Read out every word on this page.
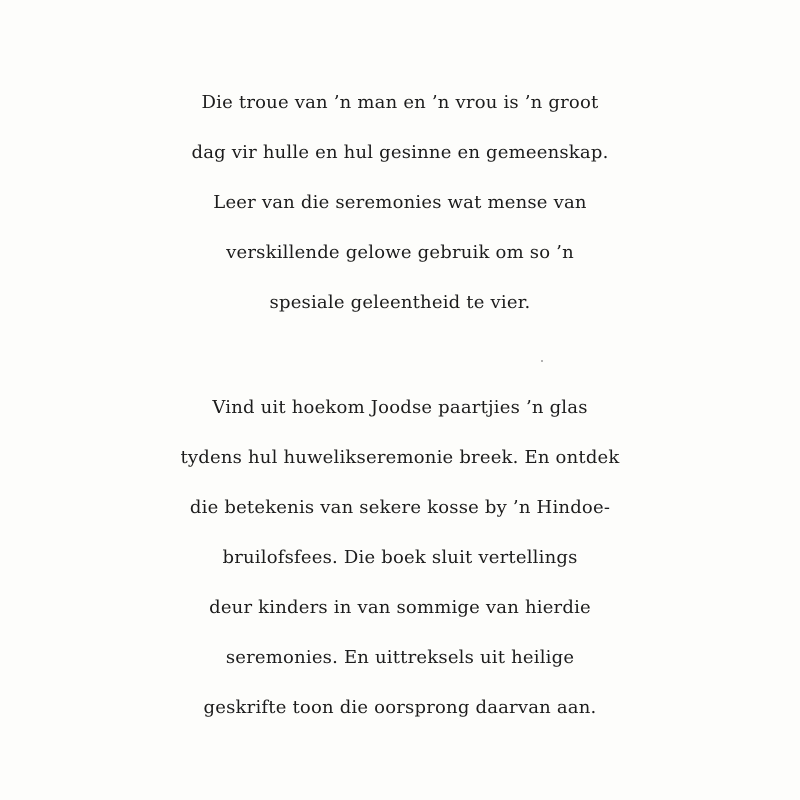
Die troue van ’n man en ’n vrou is ’n groot
dag vir hulle en hul gesinne en gemeenskap.
Leer van die seremonies wat mense van
verskillende gelowe gebruik om so ’n
spesiale geleentheid te vier.

Vind uit hoekom Joodse paartjies ’n glas
tydens hul huwelikseremonie breek. En ontdek
die betekenis van sekere kosse by ’n Hindoe-
bruilofsfees. Die boek sluit vertellings
deur kinders in van sommige van hierdie
seremonies. En uittreksels uit heilige
geskrifte toon die oorsprong daarvan aan.
